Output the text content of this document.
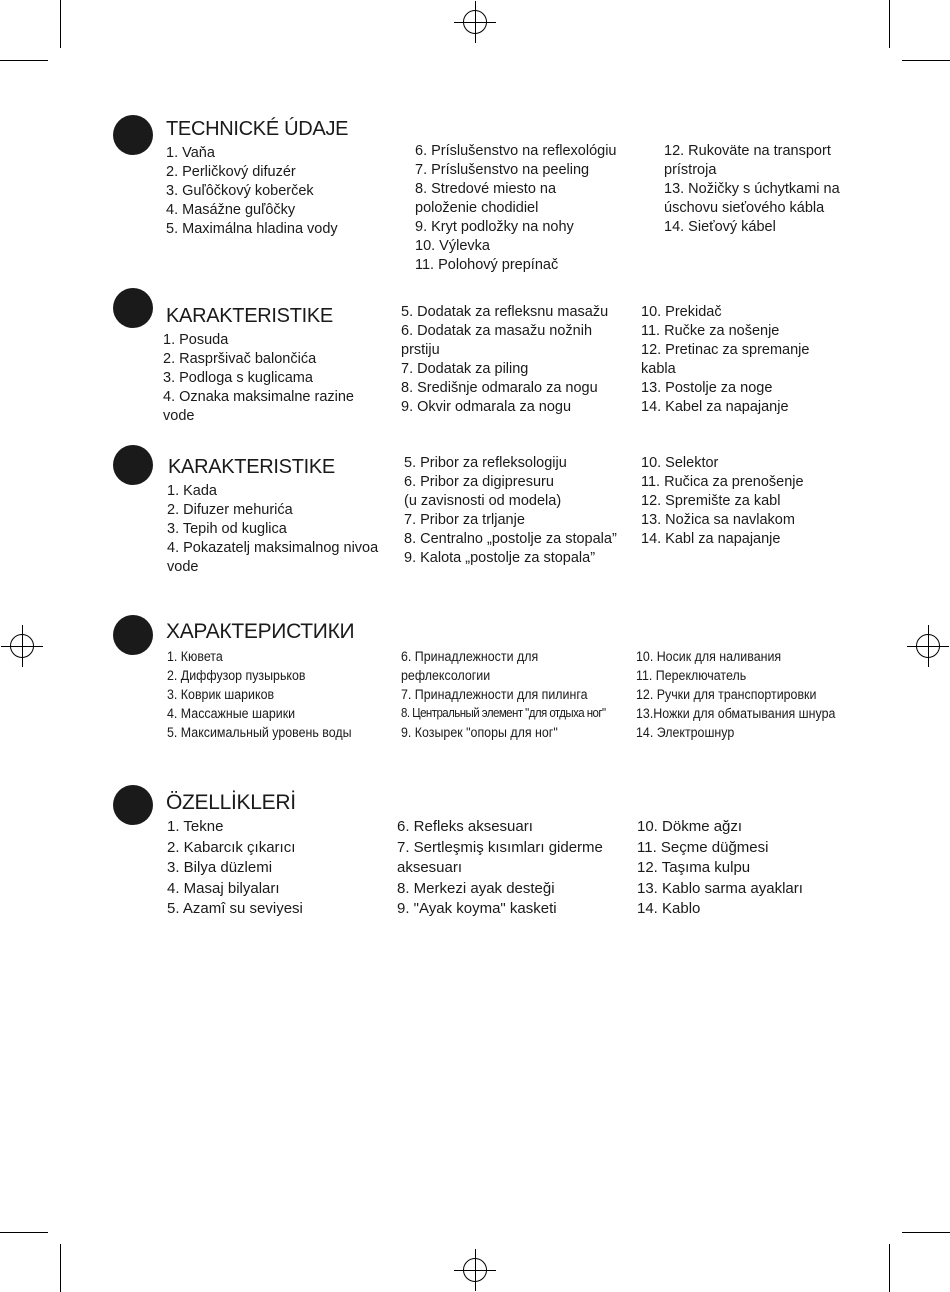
TECHNICKÉ ÚDAJE
1. Vaňa
2. Perličkový difuzér
3. Guľôčkový koberček
4. Masážne guľôčky
5. Maximálna hladina vody
6. Príslušenstvo na reflexológiu
7. Príslušenstvo na peeling
8. Stredové miesto na
položenie chodidiel
9. Kryt podložky na nohy
10. Výlevka
11. Polohový prepínač
12. Rukoväte na transport
prístroja
13. Nožičky s úchytkami na
úschovu sieťového kábla
14. Sieťový kábel
KARAKTERISTIKE
1. Posuda
2. Raspršivač balončića
3. Podloga s kuglicama
4. Oznaka maksimalne razine
vode
5. Dodatak za refleksnu masažu
6. Dodatak za masažu nožnih
prstiju
7. Dodatak za piling
8. Središnje odmaralo za nogu
9. Okvir odmarala za nogu
10. Prekidač
11. Ručke za nošenje
12. Pretinac za spremanje
kabla
13. Postolje za noge
14. Kabel za napajanje
KARAKTERISTIKE
1. Kada
2. Difuzer mehurića
3. Tepih od kuglica
4. Pokazatelj maksimalnog nivoa
vode
5. Pribor za refleksologiju
6. Pribor za digipresuru
(u zavisnosti od modela)
7. Pribor za trljanje
8. Centralno „postolje za stopala”
9. Kalota „postolje za stopala”
10. Selektor
11. Ručica za prenošenje
12. Spremište za kabl
13. Nožica sa navlakom
14. Kabl za napajanje
ХАРАКТЕРИСТИКИ
1. Кювета
2. Диффузор пузырьков
3. Коврик шариков
4. Массажные шарики
5. Максимальный уровень воды
6. Принадлежности для
рефлексологии
7. Принадлежности для пилинга
8. Центральный элемент "для отдыха ног"
9. Козырек "опоры для ног"
10. Носик для наливания
11. Переключатель
12. Ручки для транспортировки
13.Ножки для обматывания шнура
14. Электрошнур
ÖZELLİKLERİ
1. Tekne
2. Kabarcık çıkarıcı
3. Bilya düzlemi
4. Masaj bilyaları
5. Azamî su seviyesi
6. Refleks aksesuarı
7. Sertleşmiş kısımları giderme
aksesuarı
8. Merkezi ayak desteği
9. "Ayak koyma" kasketi
10. Dökme ağzı
11. Seçme düğmesi
12. Taşıma kulpu
13. Kablo sarma ayakları
14. Kablo
